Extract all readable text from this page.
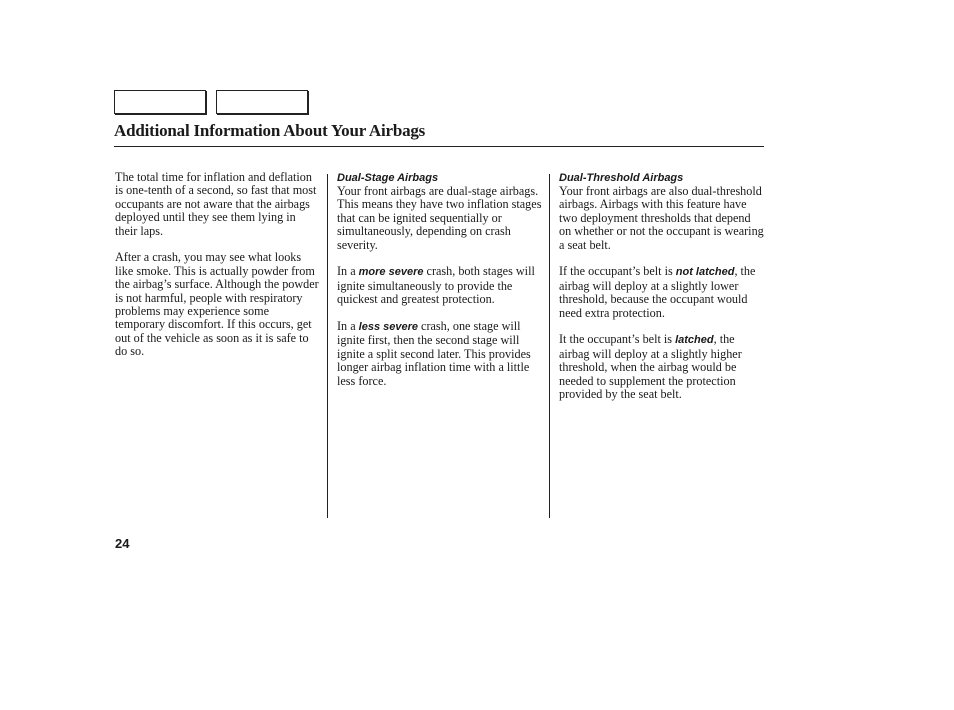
Additional Information About Your Airbags

The total time for inflation and deflation is one-tenth of a second, so fast that most occupants are not aware that the airbags deployed until they see them lying in their laps.

After a crash, you may see what looks like smoke. This is actually powder from the airbag’s surface. Although the powder is not harmful, people with respiratory problems may experience some temporary discomfort. If this occurs, get out of the vehicle as soon as it is safe to do so.

Dual-Stage Airbags

Your front airbags are dual-stage airbags. This means they have two inflation stages that can be ignited sequentially or simultaneously, depending on crash severity.

In a more severe crash, both stages will ignite simultaneously to provide the quickest and greatest protection.

In a less severe crash, one stage will ignite first, then the second stage will ignite a split second later. This provides longer airbag inflation time with a little less force.

Dual-Threshold Airbags

Your front airbags are also dual-threshold airbags. Airbags with this feature have two deployment thresholds that depend on whether or not the occupant is wearing a seat belt.

If the occupant’s belt is not latched, the airbag will deploy at a slightly lower threshold, because the occupant would need extra protection.

It the occupant’s belt is latched, the airbag will deploy at a slightly higher threshold, when the airbag would be needed to supplement the protection provided by the seat belt.

24
